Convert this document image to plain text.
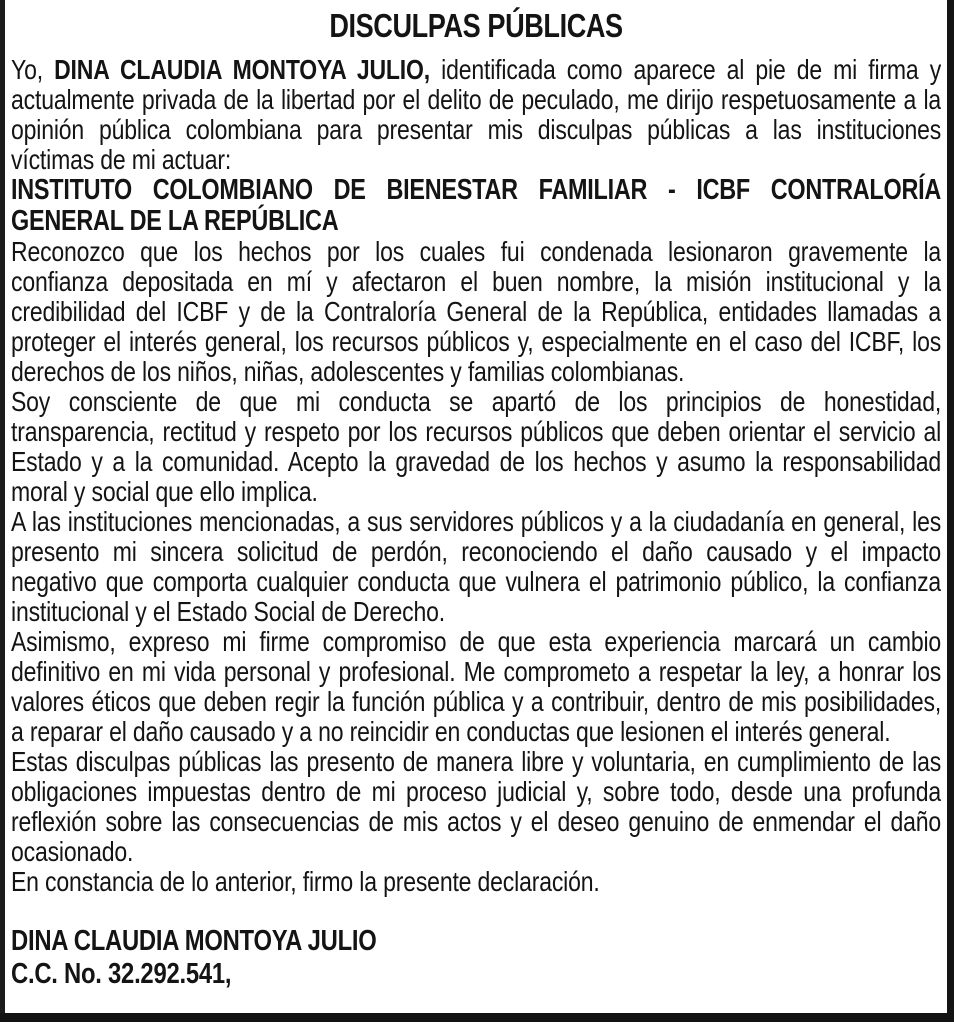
DISCULPAS PÚBLICAS

Yo, DINA CLAUDIA MONTOYA JULIO, identificada como aparece al pie de mi firma y actualmente privada de la libertad por el delito de peculado, me dirijo respetuosamente a la opinión pública colombiana para presentar mis disculpas públicas a las instituciones víctimas de mi actuar:

INSTITUTO COLOMBIANO DE BIENESTAR FAMILIAR - ICBF CONTRALORÍA GENERAL DE LA REPÚBLICA

Reconozco que los hechos por los cuales fui condenada lesionaron gravemente la confianza depositada en mí y afectaron el buen nombre, la misión institucional y la credibilidad del ICBF y de la Contraloría General de la República, entidades llamadas a proteger el interés general, los recursos públicos y, especialmente en el caso del ICBF, los derechos de los niños, niñas, adolescentes y familias colombianas.

Soy consciente de que mi conducta se apartó de los principios de honestidad, transparencia, rectitud y respeto por los recursos públicos que deben orientar el servicio al Estado y a la comunidad. Acepto la gravedad de los hechos y asumo la responsabilidad moral y social que ello implica.

A las instituciones mencionadas, a sus servidores públicos y a la ciudadanía en general, les presento mi sincera solicitud de perdón, reconociendo el daño causado y el impacto negativo que comporta cualquier conducta que vulnera el patrimonio público, la confianza institucional y el Estado Social de Derecho.

Asimismo, expreso mi firme compromiso de que esta experiencia marcará un cambio definitivo en mi vida personal y profesional. Me comprometo a respetar la ley, a honrar los valores éticos que deben regir la función pública y a contribuir, dentro de mis posibilidades, a reparar el daño causado y a no reincidir en conductas que lesionen el interés general.

Estas disculpas públicas las presento de manera libre y voluntaria, en cumplimiento de las obligaciones impuestas dentro de mi proceso judicial y, sobre todo, desde una profunda reflexión sobre las consecuencias de mis actos y el deseo genuino de enmendar el daño ocasionado.

En constancia de lo anterior, firmo la presente declaración.

DINA CLAUDIA MONTOYA JULIO

C.C. No. 32.292.541,
